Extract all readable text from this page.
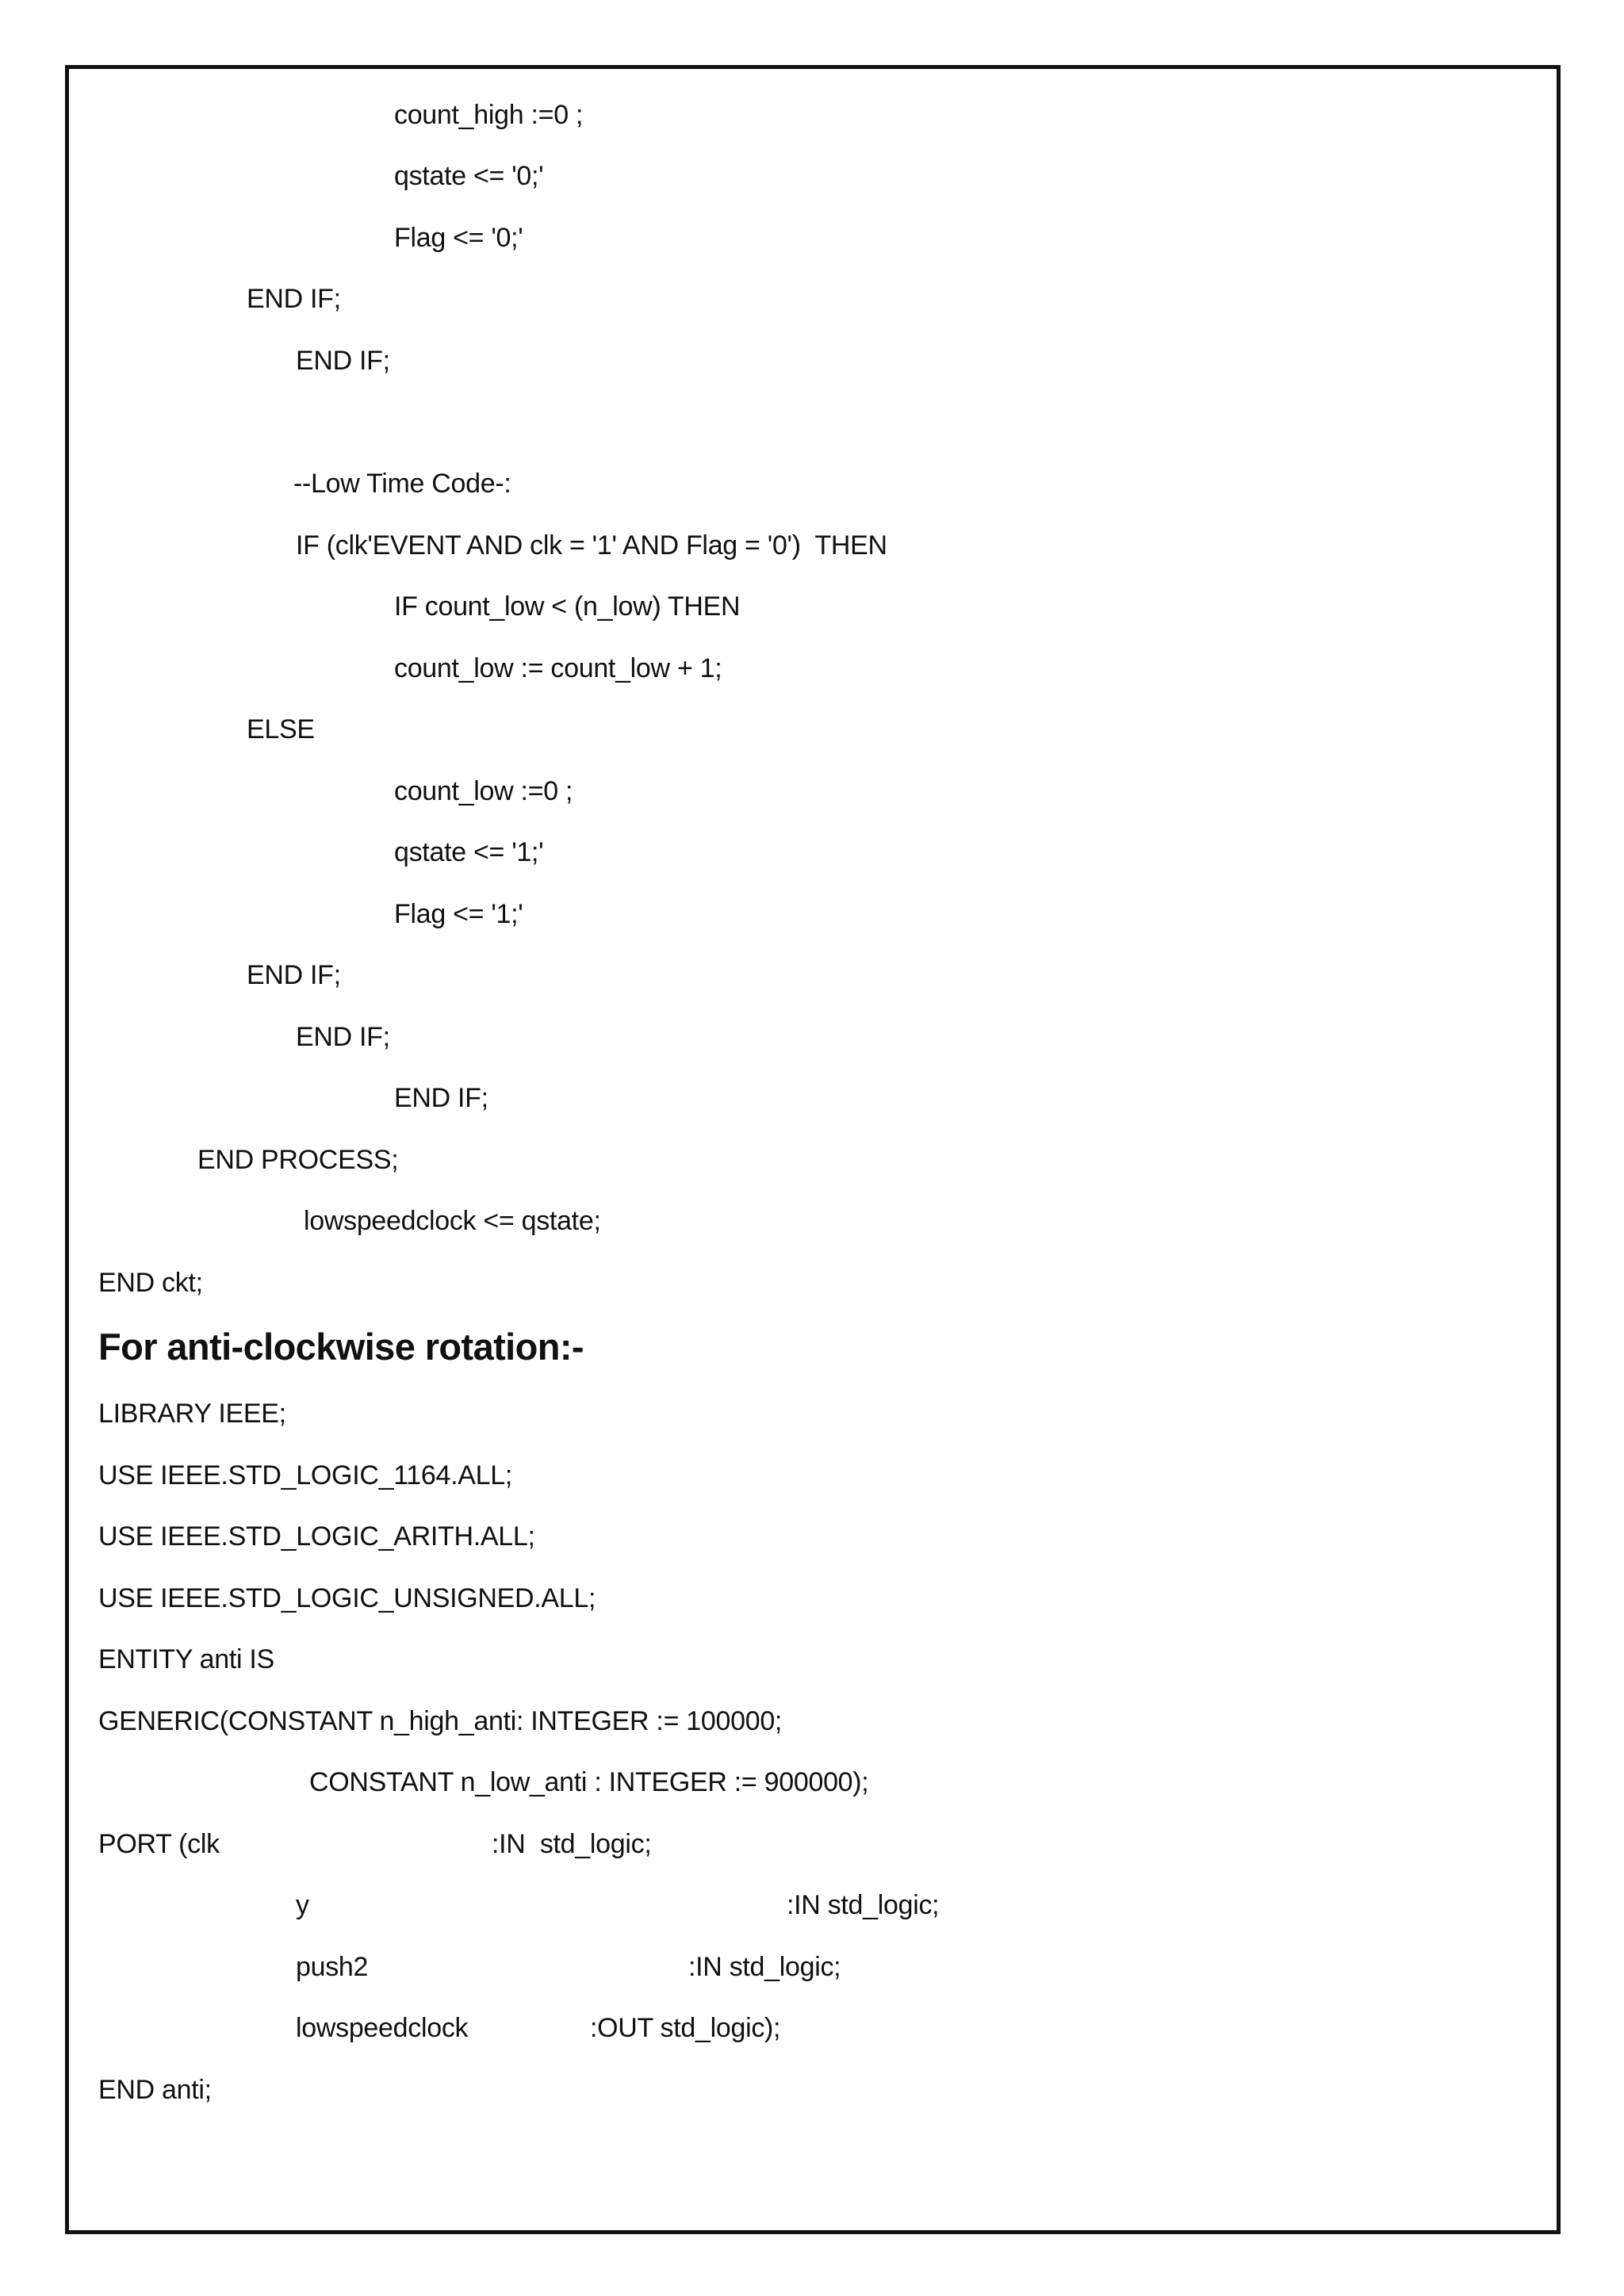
count_high :=0 ;
qstate <= '0;'
Flag <= '0;'
END IF;
END IF;
--Low Time Code-:
IF (clk'EVENT AND clk = '1' AND Flag = '0')  THEN
IF count_low < (n_low) THEN
count_low := count_low + 1;
ELSE
count_low :=0 ;
qstate <= '1;'
Flag <= '1;'
END IF;
END IF;
END IF;
END PROCESS;
lowspeedclock <= qstate;
END ckt;
For anti-clockwise rotation:-
LIBRARY IEEE;
USE IEEE.STD_LOGIC_1164.ALL;
USE IEEE.STD_LOGIC_ARITH.ALL;
USE IEEE.STD_LOGIC_UNSIGNED.ALL;
ENTITY anti IS
GENERIC(CONSTANT n_high_anti: INTEGER := 100000;
CONSTANT n_low_anti : INTEGER := 900000);
PORT (clk	:IN  std_logic;
y	:IN std_logic;
push2	:IN std_logic;
lowspeedclock	:OUT std_logic);
END anti;
